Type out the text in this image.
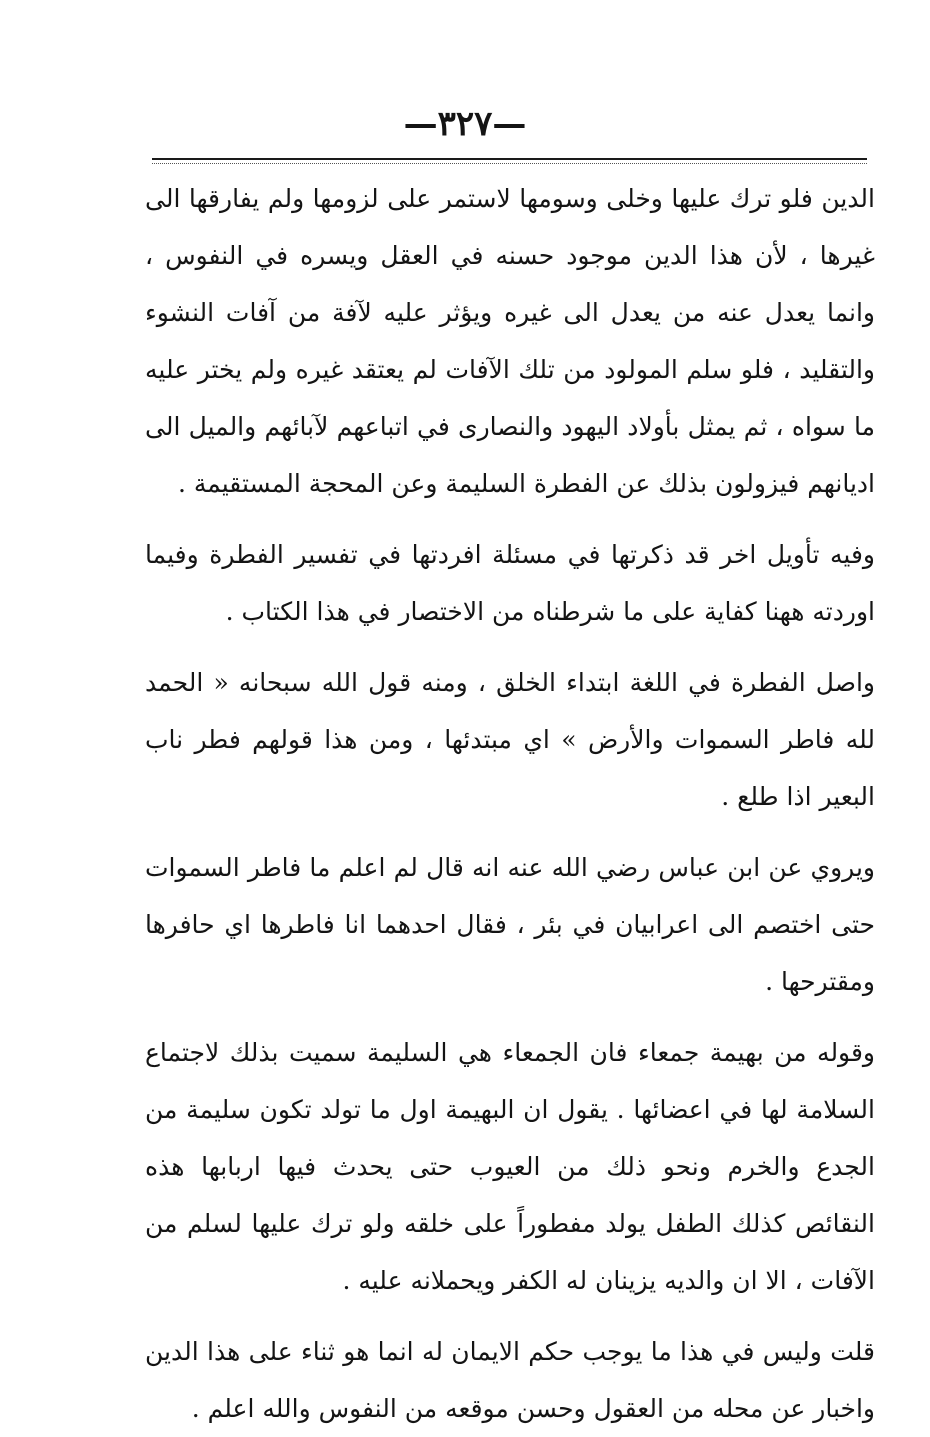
—٣٢٧—

الدين فلو ترك عليها وخلى وسومها لاستمر على لزومها ولم يفارقها الى غيرها ، لأن هذا الدين موجود حسنه في العقل ويسره في النفوس ، وانما يعدل عنه من يعدل الى غيره ويؤثر عليه لآفة من آفات النشوء والتقليد ، فلو سلم المولود من تلك الآفات لم يعتقد غيره ولم يختر عليه ما سواه ، ثم يمثل بأولاد اليهود والنصارى في اتباعهم لآبائهم والميل الى اديانهم فيزولون بذلك عن الفطرة السليمة وعن المحجة المستقيمة .

وفيه تأويل اخر قد ذكرتها في مسئلة افردتها في تفسير الفطرة وفيما اوردته ههنا كفاية على ما شرطناه من الاختصار في هذا الكتاب .

واصل الفطرة في اللغة ابتداء الخلق ، ومنه قول الله سبحانه « الحمد لله فاطر السموات والأرض » اي مبتدئها ، ومن هذا قولهم فطر ناب البعير اذا طلع .

ويروي عن ابن عباس رضي الله عنه انه قال لم اعلم ما فاطر السموات حتى اختصم الى اعرابيان في بئر ، فقال احدهما انا فاطرها اي حافرها ومقترحها .

وقوله من بهيمة جمعاء فان الجمعاء هي السليمة سميت بذلك لاجتماع السلامة لها في اعضائها . يقول ان البهيمة اول ما تولد تكون سليمة من الجدع والخرم ونحو ذلك من العيوب حتى يحدث فيها اربابها هذه النقائص كذلك الطفل يولد مفطوراً على خلقه ولو ترك عليها لسلم من الآفات ، الا ان والديه يزينان له الكفر ويحملانه عليه .

قلت وليس في هذا ما يوجب حكم الايمان له انما هو ثناء على هذا الدين واخبار عن محله من العقول وحسن موقعه من النفوس والله اعلم .
